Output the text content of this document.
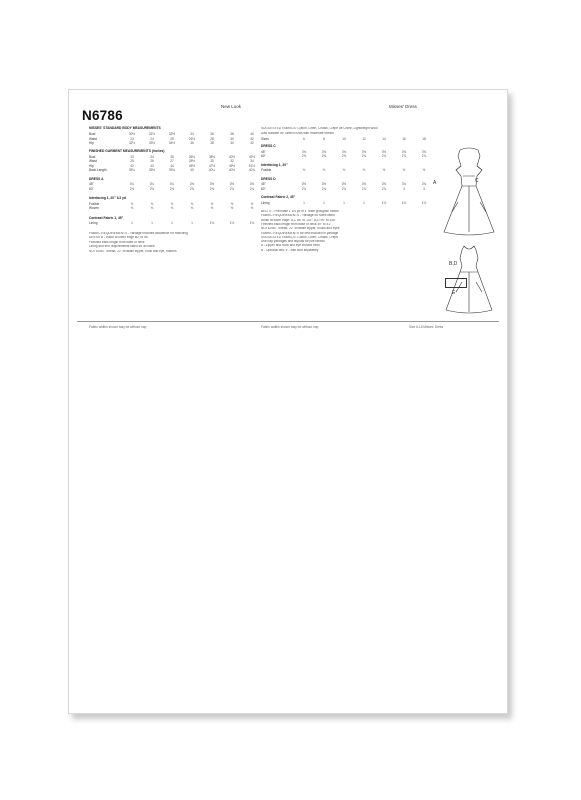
N6786
New Look	Misses' Dress
MISSES' STANDARD BODY MEASUREMENTS
Bust	30½	31½	32½	34	36	38	40
Waist	23	24	25	26½	28	30	32
Hip	32½	33½	34½	36	38	40	42
FINISHED GARMENT MEASUREMENTS (Inches)
Bust	33	34	35	36½	38½	40½	42½
Waist	25	26	27	28½	30	32	34
Hip	42	43	44	45½	47½	49½	51½
Back Length	39¼	39½	39¾	40	40¼	40½	40¾
DRESS A
45"	3¼	3¼	3¼	3⅜	3½	3½	3⅝
60"	2½	2½	2½	2⅝	2⅝	2¾	2¾
Interfacing 1, 20" 1/2 yd
Fusible	⅜	⅜	⅜	⅜	½	½	½
Woven	⅜	⅜	⅜	⅜	½	½	½
Contrast Fabric 1, 45"
Lining	1	1	1	1	1⅛	1⅛	1⅛
FABRIC REQUIREMENTS - Yardage includes allowance for matching
DRESS B - Width at lower edge 80" to 96"
Finished back length from base of neck
Lining and trim requirements listed for all sizes
NOTIONS: Thread, 22" invisible zipper, hook and eye, buttons
SUGGESTED FABRICS: Cotton, Linen, Challis, Crepe de Chine, Lightweight Wool
Also suitable for Stretch Knits with moderate stretch
Sizes	6	8	10	12	14	16	18
DRESS C
45"	3⅜	3⅜	3⅜	3½	3½	3⅝	3⅝
60"	2⅝	2⅝	2⅝	2¾	2¾	2⅞	2⅞
Interfacing 1, 20"
Fusible	⅜	⅜	⅜	⅜	½	½	½
DRESS D
45"	3½	3½	3½	3⅝	3⅝	3¾	3¾
60"	2¾	2¾	2¾	2⅞	2⅞	3	3
Contrast Fabric 2, 45"
Lining	1	1	1	1	1⅛	1⅛	1⅛
BELT E - Purchase 1 1/4 yd of 1" wide grosgrain ribbon
FABRIC REQUIREMENTS - Yardage for sizes listed
Width at lower edge: A,C 86" to 102"; B,D 90" to 106"
Finished back length from base of neck 39" to 41"
NOTIONS: Thread, 22" invisible zipper, hooks and eyes
FABRIC REQUIREMENTS for belt included in yardage
SUGGESTED FABRICS: Cotton, Linen, Challis, Crepe
Use nap yardages and layouts for pile fabrics
A - Zipper and hook and eye at back neck
B - Optional belt; E - Belt sold separately
A	C
B,D
E
Fabric widths shown may be without nap	Fabric widths shown may be without nap	Size 6-18 Misses' Dress
